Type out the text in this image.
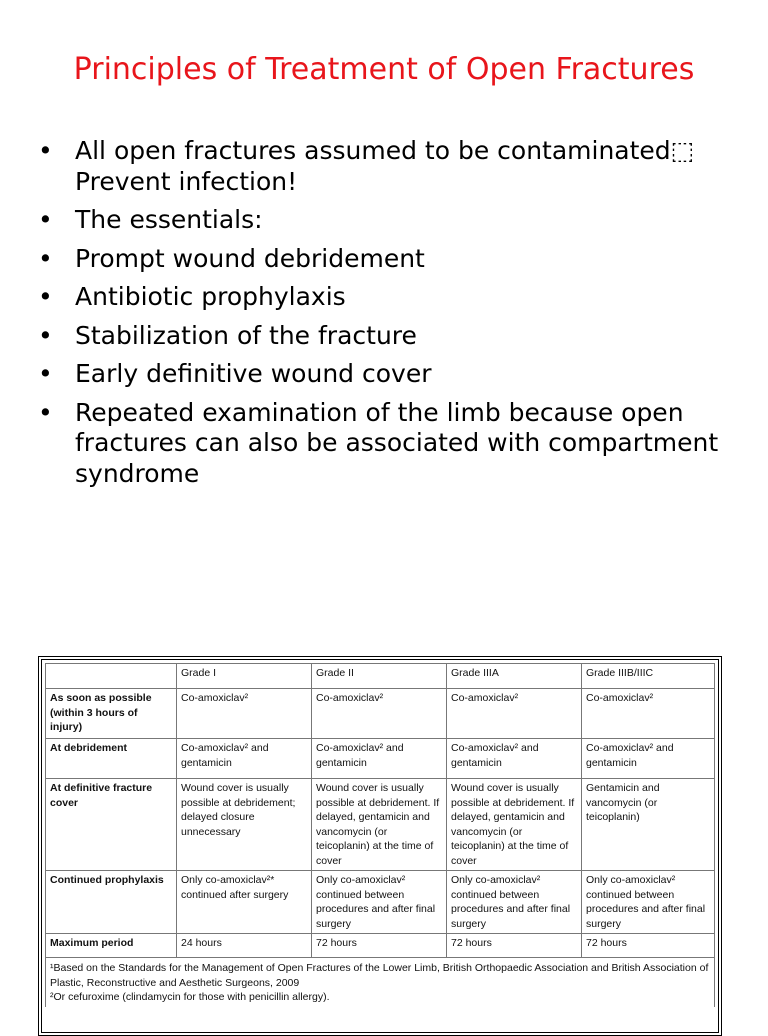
Principles of Treatment of Open Fractures
• All open fractures assumed to be contaminated⬚ Prevent infection!
• The essentials:
• Prompt wound debridement
• Antibiotic prophylaxis
• Stabilization of the fracture
• Early definitive wound cover
• Repeated examination of the limb because open fractures can also be associated with compartment syndrome
	Grade I	Grade II	Grade IIIA	Grade IIIB/IIIC
As soon as possible (within 3 hours of injury)	Co-amoxiclav²	Co-amoxiclav²	Co-amoxiclav²	Co-amoxiclav²
At debridement	Co-amoxiclav² and gentamicin	Co-amoxiclav² and gentamicin	Co-amoxiclav² and gentamicin	Co-amoxiclav² and gentamicin
At definitive fracture cover	Wound cover is usually possible at debridement; delayed closure unnecessary	Wound cover is usually possible at debridement. If delayed, gentamicin and vancomycin (or teicoplanin) at the time of cover	Wound cover is usually possible at debridement. If delayed, gentamicin and vancomycin (or teicoplanin) at the time of cover	Gentamicin and vancomycin (or teicoplanin)
Continued prophylaxis	Only co-amoxiclav²* continued after surgery	Only co-amoxiclav² continued between procedures and after final surgery	Only co-amoxiclav² continued between procedures and after final surgery	Only co-amoxiclav² continued between procedures and after final surgery
Maximum period	24 hours	72 hours	72 hours	72 hours

¹Based on the Standards for the Management of Open Fractures of the Lower Limb, British Orthopaedic Association and British Association of Plastic, Reconstructive and Aesthetic Surgeons, 2009
²Or cefuroxime (clindamycin for those with penicillin allergy).				
